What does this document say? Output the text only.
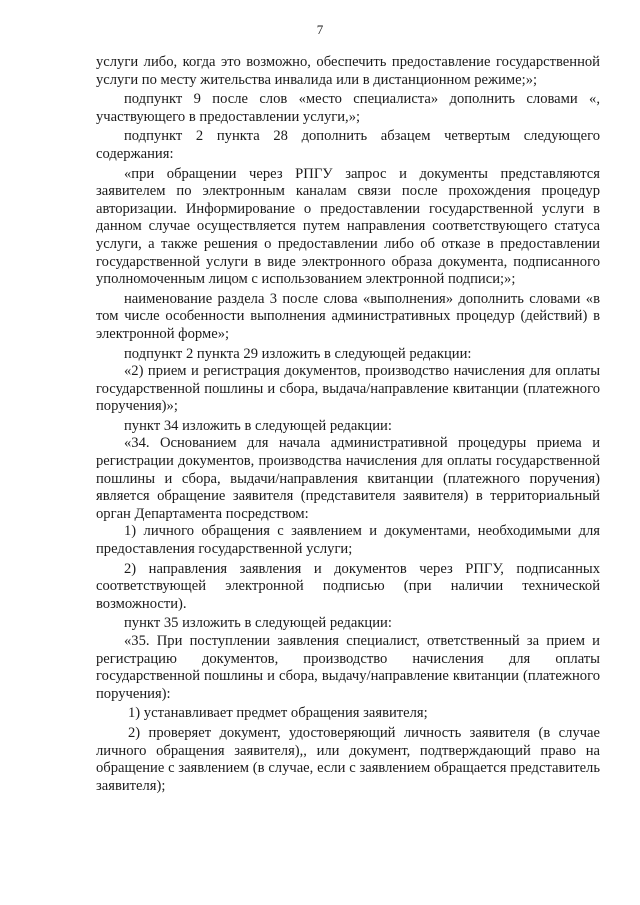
7

услуги либо, когда это возможно, обеспечить предоставление государственной услуги по месту жительства инвалида или в дистанционном режиме;»;

подпункт 9 после слов «место специалиста» дополнить словами «, участвующего в предоставлении услуги,»;

подпункт 2 пункта 28 дополнить абзацем четвертым следующего содержания:

«при обращении через РПГУ запрос и документы представляются заявителем по электронным каналам связи после прохождения процедур авторизации. Информирование о предоставлении государственной услуги в данном случае осуществляется путем направления соответствующего статуса услуги, а также решения о предоставлении либо об отказе в предоставлении государственной услуги в виде электронного образа документа, подписанного уполномоченным лицом с использованием электронной подписи;»;

наименование раздела 3 после слова «выполнения» дополнить словами «в том числе особенности выполнения административных процедур (действий) в электронной форме»;

подпункт 2 пункта 29 изложить в следующей редакции:

«2) прием и регистрация документов, производство начисления для оплаты государственной пошлины и сбора, выдача/направление квитанции (платежного поручения)»;

пункт 34 изложить в следующей редакции:

«34. Основанием для начала административной процедуры приема и регистрации документов, производства начисления для оплаты государственной пошлины и сбора, выдачи/направления квитанции (платежного поручения) является обращение заявителя (представителя заявителя) в территориальный орган Департамента посредством:

1) личного обращения с заявлением и документами, необходимыми для предоставления государственной услуги;

2) направления заявления и документов через РПГУ, подписанных соответствующей электронной подписью (при наличии технической возможности).

пункт 35 изложить в следующей редакции:

«35. При поступлении заявления специалист, ответственный за прием и регистрацию документов, производство начисления для оплаты государственной пошлины и сбора, выдачу/направление квитанции (платежного поручения):

1) устанавливает предмет обращения заявителя;

2) проверяет документ, удостоверяющий личность заявителя (в случае личного обращения заявителя),, или документ, подтверждающий право на обращение с заявлением (в случае, если с заявлением обращается представитель заявителя);
